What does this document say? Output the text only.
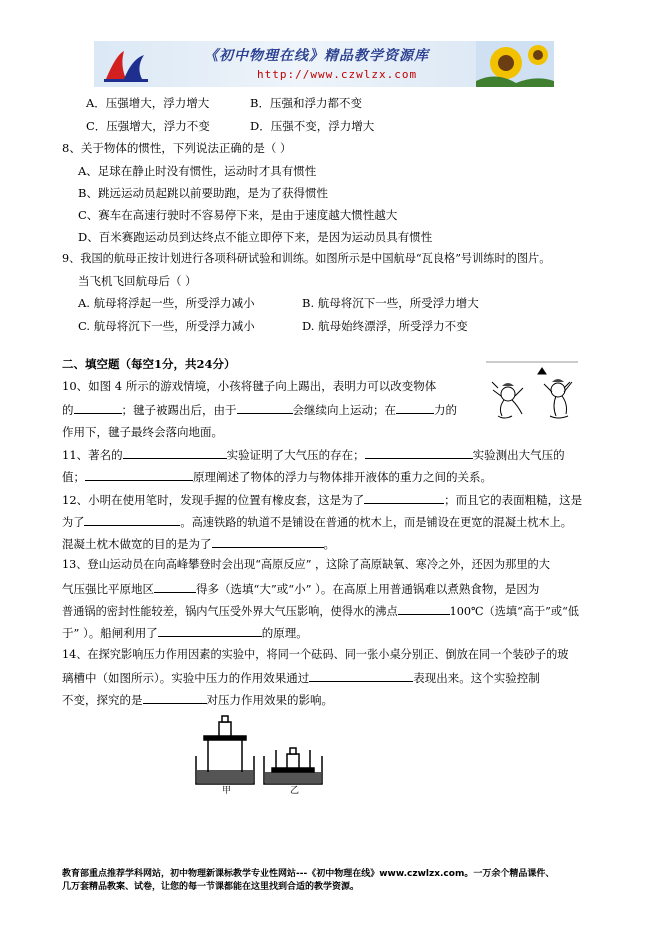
《初中物理在线》精品教学资源库
http://www.czwlzx.com
A．压强增大，浮力增大	B．压强和浮力都不变
C．压强增大，浮力不变	D．压强不变，浮力增大
8、关于物体的惯性，下列说法正确的是（ ）
A、足球在静止时没有惯性，运动时才具有惯性
B、跳远运动员起跳以前要助跑，是为了获得惯性
C、赛车在高速行驶时不容易停下来，是由于速度越大惯性越大
D、百米赛跑运动员到达终点不能立即停下来，是因为运动员具有惯性
9、我国的航母正按计划进行各项科研试验和训练。如图所示是中国航母“瓦良格”号训练时的图片。
当飞机飞回航母后（ ）
A. 航母将浮起一些，所受浮力减小	B. 航母将沉下一些，所受浮力增大
C. 航母将沉下一些，所受浮力减小	D. 航母始终漂浮，所受浮力不变
二、填空题（每空1分，共24分）
10、如图 4 所示的游戏情境，小孩将毽子向上踢出，表明力可以改变物体
的	；毽子被踢出后，由于	会继续向上运动；在	力的
作用下，毽子最终会落向地面。
11、著名的	实验证明了大气压的存在；	实验测出大气压的
值；	原理阐述了物体的浮力与物体排开液体的重力之间的关系。
12、小明在使用笔时，发现手握的位置有橡皮套，这是为了	；而且它的表面粗糙，这是
为了	。高速铁路的轨道不是铺设在普通的枕木上，而是铺设在更宽的混凝土枕木上。
混凝土枕木做宽的目的是为了	。
13、登山运动员在向高峰攀登时会出现“高原反应” ，这除了高原缺氧、寒冷之外，还因为那里的大
气压强比平原地区	得多（选填“大”或“小” ）。在高原上用普通锅难以煮熟食物，是因为
普通锅的密封性能较差，锅内气压受外界大气压影响，使得水的沸点	100℃（选填“高于”或“低
于” ）。船闸利用了	的原理。
14、在探究影响压力作用因素的实验中，将同一个砝码、同一张小桌分别正、倒放在同一个装砂子的玻
璃槽中（如图所示）。实验中压力的作用效果通过	表现出来。这个实验控制
不变，探究的是	对压力作用效果的影响。
甲	乙
教育部重点推荐学科网站，初中物理新课标教学专业性网站---《初中物理在线》www.czwlzx.com。一万余个精品课件、
几万套精品教案、试卷，让您的每一节课都能在这里找到合适的教学资源。
